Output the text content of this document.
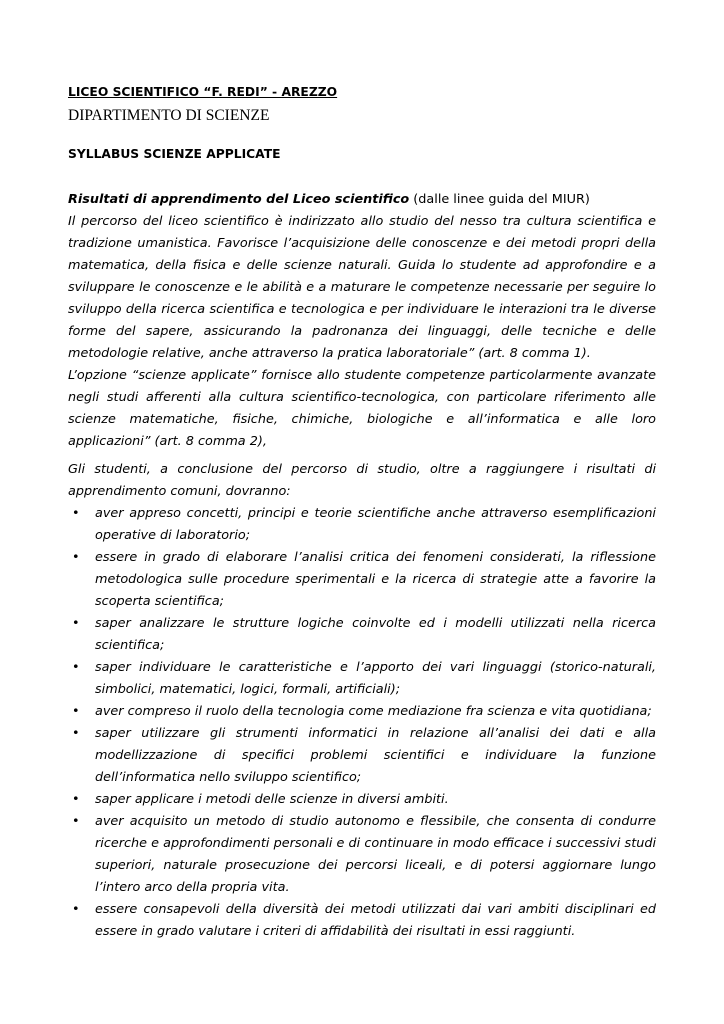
LICEO SCIENTIFICO “F. REDI” - AREZZO

DIPARTIMENTO DI SCIENZE

SYLLABUS SCIENZE APPLICATE

Risultati di apprendimento del Liceo scientifico (dalle linee guida del MIUR)

Il percorso del liceo scientifico è indirizzato allo studio del nesso tra cultura scientifica e tradizione umanistica. Favorisce l’acquisizione delle conoscenze e dei metodi propri della matematica, della fisica e delle scienze naturali. Guida lo studente ad approfondire e a sviluppare le conoscenze e le abilità e a maturare le competenze necessarie per seguire lo sviluppo della ricerca scientifica e tecnologica e per individuare le interazioni tra le diverse forme del sapere, assicurando la padronanza dei linguaggi, delle tecniche e delle metodologie relative, anche attraverso la pratica laboratoriale” (art. 8 comma 1).

L’opzione “scienze applicate” fornisce allo studente competenze particolarmente avanzate negli studi afferenti alla cultura scientifico-tecnologica, con particolare riferimento alle scienze matematiche, fisiche, chimiche, biologiche e all’informatica e alle loro applicazioni” (art. 8 comma 2),

Gli studenti, a conclusione del percorso di studio, oltre a raggiungere i risultati di apprendimento comuni, dovranno:

• aver appreso concetti, principi e teorie scientifiche anche attraverso esemplificazioni operative di laboratorio;
• essere in grado di elaborare l’analisi critica dei fenomeni considerati, la riflessione metodologica sulle procedure sperimentali e la ricerca di strategie atte a favorire la scoperta scientifica;
• saper analizzare le strutture logiche coinvolte ed i modelli utilizzati nella ricerca scientifica;
• saper individuare le caratteristiche e l’apporto dei vari linguaggi (storico-naturali, simbolici, matematici, logici, formali, artificiali);
• aver compreso il ruolo della tecnologia come mediazione fra scienza e vita quotidiana;
• saper utilizzare gli strumenti informatici in relazione all’analisi dei dati e alla modellizzazione di specifici problemi scientifici e individuare la funzione dell’informatica nello sviluppo scientifico;
• saper applicare i metodi delle scienze in diversi ambiti.
• aver acquisito un metodo di studio autonomo e flessibile, che consenta di condurre ricerche e approfondimenti personali e di continuare in modo efficace i successivi studi superiori, naturale prosecuzione dei percorsi liceali, e di potersi aggiornare lungo l’intero arco della propria vita.
• essere consapevoli della diversità dei metodi utilizzati dai vari ambiti disciplinari ed essere in grado valutare i criteri di affidabilità dei risultati in essi raggiunti.
